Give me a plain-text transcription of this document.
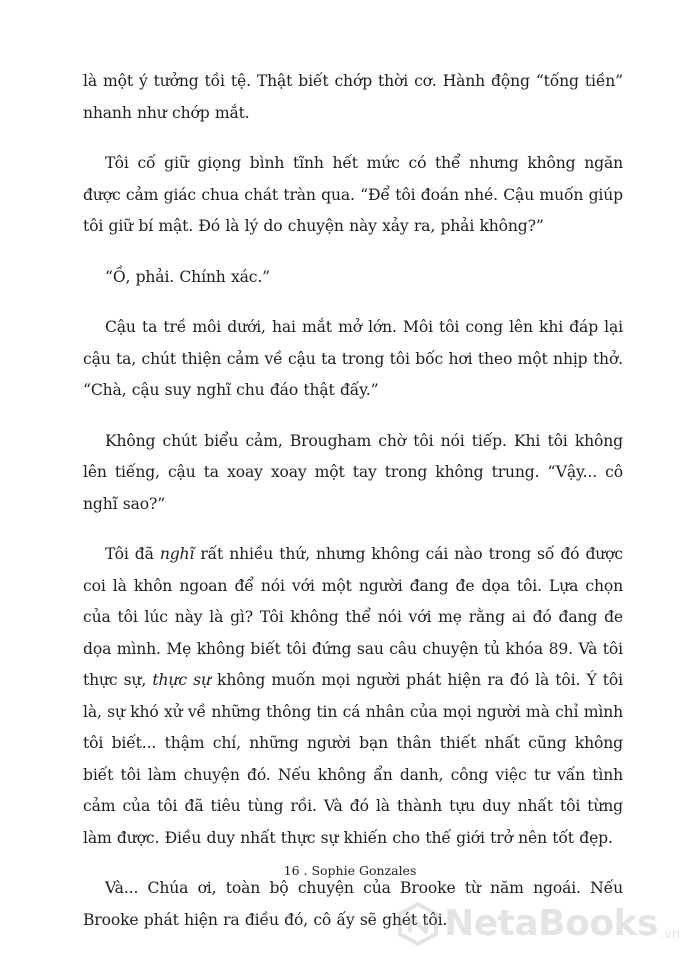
là một ý tưởng tồi tệ. Thật biết chớp thời cơ. Hành động “tống tiền” nhanh như chớp mắt.

Tôi cố giữ giọng bình tĩnh hết mức có thể nhưng không ngăn được cảm giác chua chát tràn qua. “Để tôi đoán nhé. Cậu muốn giúp tôi giữ bí mật. Đó là lý do chuyện này xảy ra, phải không?”

“Ồ, phải. Chính xác.”

Cậu ta trề môi dưới, hai mắt mở lớn. Môi tôi cong lên khi đáp lại cậu ta, chút thiện cảm về cậu ta trong tôi bốc hơi theo một nhịp thở. “Chà, cậu suy nghĩ chu đáo thật đấy.”

Không chút biểu cảm, Brougham chờ tôi nói tiếp. Khi tôi không lên tiếng, cậu ta xoay xoay một tay trong không trung. “Vậy... cô nghĩ sao?”

Tôi đã nghĩ rất nhiều thứ, nhưng không cái nào trong số đó được coi là khôn ngoan để nói với một người đang đe dọa tôi. Lựa chọn của tôi lúc này là gì? Tôi không thể nói với mẹ rằng ai đó đang đe dọa mình. Mẹ không biết tôi đứng sau câu chuyện tủ khóa 89. Và tôi thực sự, thực sự không muốn mọi người phát hiện ra đó là tôi. Ý tôi là, sự khó xử về những thông tin cá nhân của mọi người mà chỉ mình tôi biết... thậm chí, những người bạn thân thiết nhất cũng không biết tôi làm chuyện đó. Nếu không ẩn danh, công việc tư vấn tình cảm của tôi đã tiêu tùng rồi. Và đó là thành tựu duy nhất tôi từng làm được. Điều duy nhất thực sự khiến cho thế giới trở nên tốt đẹp.

Và... Chúa ơi, toàn bộ chuyện của Brooke từ năm ngoái. Nếu Brooke phát hiện ra điều đó, cô ấy sẽ ghét tôi.

16 . Sophie Gonzales
NetaBooks .vn
